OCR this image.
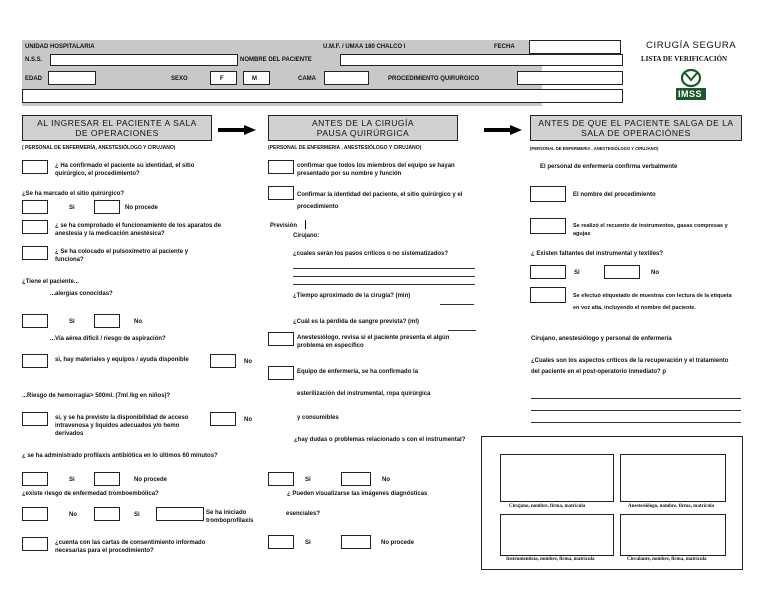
UNIDAD HOSPITALARIA	U.M.F. / UMAA 180 CHALCO I	FECHA
N.S.S.	NOMBRE DEL PACIENTE
EDAD	SEXO	F	M	CAMA	PROCEDIMIENTO QUIRURGICO
CIRUGÍA SEGURA
LISTA DE VERIFICACIÓN
IMSS
AL INGRESAR EL PACIENTE A SALA
DE OPERACIONES
ANTES DE LA CIRUGÍA
PAUSA QUIRÚRGICA
ANTES DE QUE EL PACIENTE SALGA DE LA
SALA DE OPERACIÓNES
( PERSONAL DE ENFERMERÍA, ANESTESIÓLOGO Y CIRUJANO)	(PERSONAL DE ENFERMERIA , ANESTESIÓLOGO Y CIRUJANO)	(PERSONAL DE ENFERMERIA , ANESTESIÓLOGO Y CIRUJANO)
¿ Ha confirmado el paciente su identidad, el sitio quirúrgico, el procedimiento?
¿Se ha marcado el sitio quirúrgico?
Si	No procede
¿ se ha comprobado el funcionamiento de los aparatos de anestesia y la medicación anestésica?
¿ Se ha colocado el pulsoxímetro al paciente y funciona?
¿Tiene el paciente...
...alergias conocidas?
Si	No
...Vía aérea difícil / riesgo de aspiración?
si, hay materiales y equipos / ayuda disponible	No
...Riesgo de hemorragia> 500ml. (7ml /kg en niños)?
si, y se ha previsto la disponibilidad de acceso intravenosa y liquidos adecuados y/o hemo derivados
No
¿ se ha administrado profilaxis antibiótica en lo últimos 60 minutos?
Si	No procede
¿existe riesgo de enfermedad tromboembólica?
No	Si	Se ha iniciado tromboprofilaxis
¿cuenta con las cartas de consentimiento informado necesarias para el procedimiento?
confirmar que todos los miembros del equipo se hayan presentado por su nombre y función
Confirmar la identidad del paciente, el sitio quirúrgico y el procedimiento
Previsión
Cirujano:
¿cuales serán los pasos críticos o no sistematizados?
¿Tiempo aproximado de la cirugía? (min)
¿Cuál es la pérdida de sangre prevista? (ml)
Anestesiólogo, revisa si el paciente presenta el algún problema en específico
Equipo de enfermería, se ha confirmado la
esterilización del instrumental, ropa quirúrgica
y consumibles
¿hay dudas o problemas relacionado s con el instrumental?
Si	No
¿ Pueden visualizarse las imágenes diagnósticas
esenciales?
Si	No procede
El personal de enfermería confirma verbalmente
El nombre del procedimiento
Se realizó el recuento de instrumentos, gasas compresas y agujas
¿ Existen faltantes del instrumental y textiles?
Si	No
Se efectuó etiquetado de muestras con lectura de la etiqueta en voz alta, incluyendo el nombre del paciente.
Cirujano, anestesiólogo y personal de enfermería
¿Cuales son los aspectos críticos de la recuperación y el tratamiento del paciente en el post-operatorio inmediato? p
Cirujano, nombre, firma, matrícula	Anestesiólogo, nombre, firma, matrícula
Instrumentista, nombre, firma, matrícula	Circulante, nombre, firma, matrícula
